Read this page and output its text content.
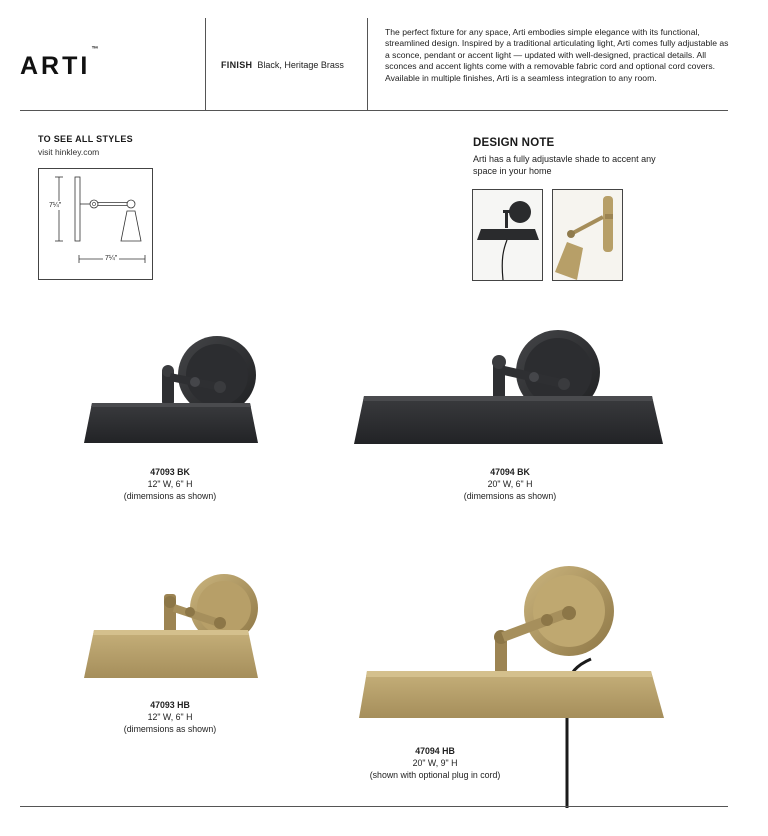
ARTI™
FINISH Black, Heritage Brass
The perfect fixture for any space, Arti embodies simple elegance with its functional, streamlined design. Inspired by a traditional articulating light, Arti comes fully adjustable as a sconce, pendant or accent light — updated with well-designed, practical details. All sconces and accent lights come with a removable fabric cord and optional cord covers. Available in multiple finishes, Arti is a seamless integration to any room.
TO SEE ALL STYLES
visit hinkley.com
7¼"
7¼"
DESIGN NOTE
Arti has a fully adjustavle shade to accent any space in your home
47093 BK
12" W, 6" H
(dimemsions as shown)
47094 BK
20" W, 6" H
(dimemsions as shown)
47093 HB
12" W, 6" H
(dimemsions as shown)
47094 HB
20" W, 9" H
(shown with optional plug in cord)
